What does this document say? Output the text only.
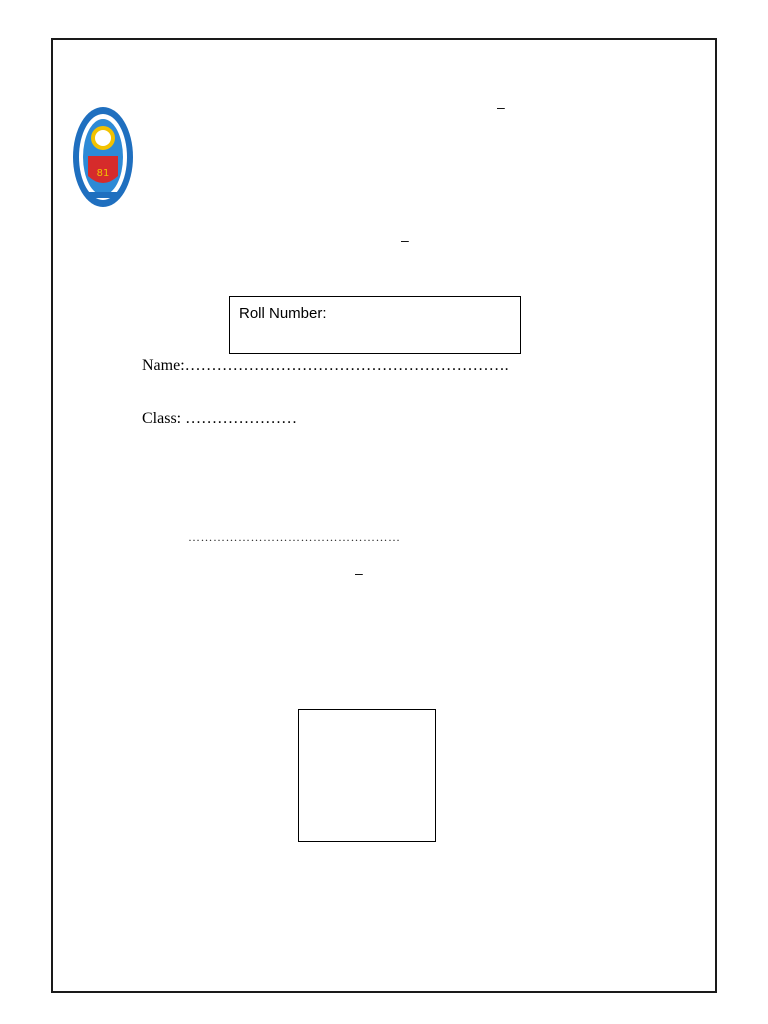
81
–
–
Roll Number:
Name:…………………………………………………….
Class: …………………
……………………………………………
–
